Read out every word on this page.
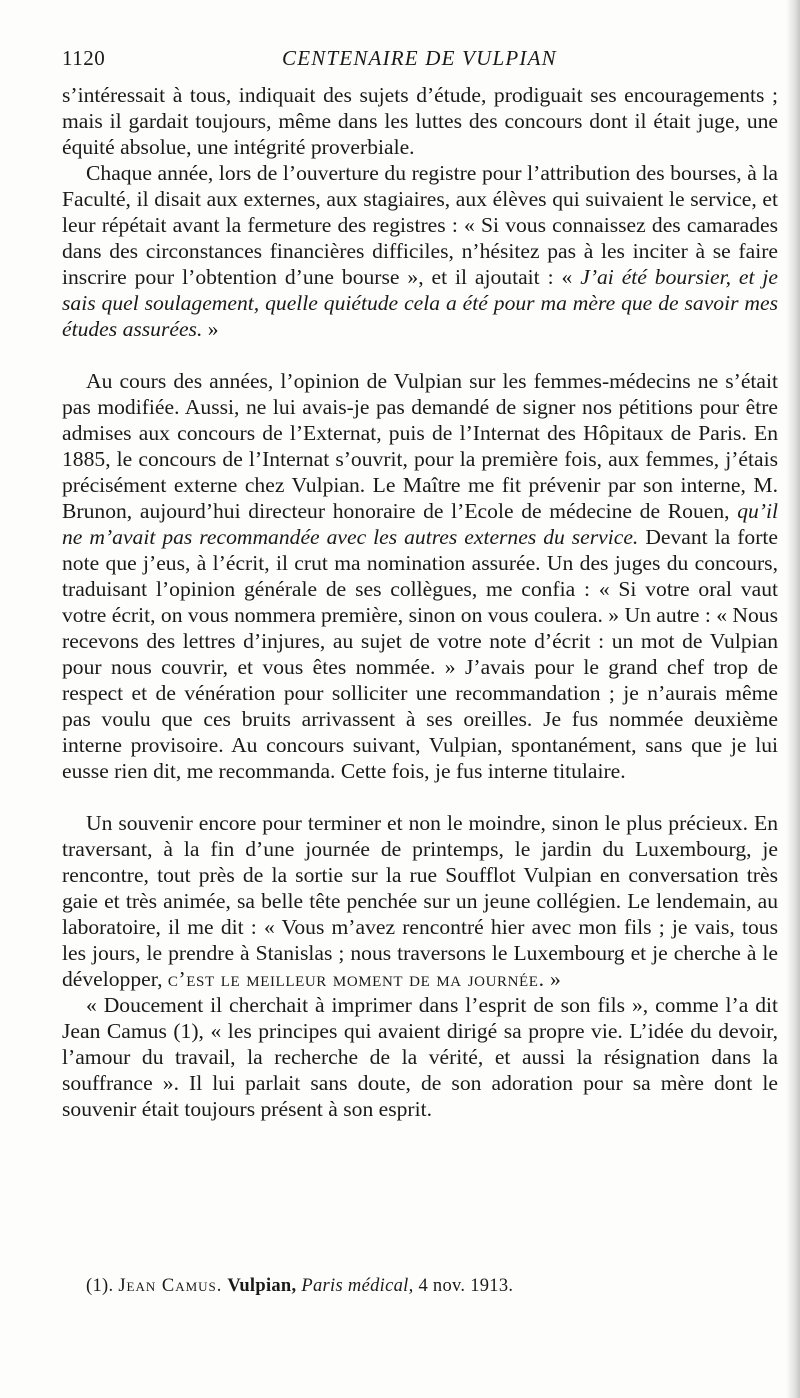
1120	CENTENAIRE DE VULPIAN

s’intéressait à tous, indiquait des sujets d’étude, prodiguait ses encouragements ; mais il gardait toujours, même dans les luttes des concours dont il était juge, une équité absolue, une intégrité proverbiale.

Chaque année, lors de l’ouverture du registre pour l’attribution des bourses, à la Faculté, il disait aux externes, aux stagiaires, aux élèves qui suivaient le service, et leur répétait avant la fermeture des registres : « Si vous connaissez des camarades dans des circonstances financières difficiles, n’hésitez pas à les inciter à se faire inscrire pour l’obtention d’une bourse », et il ajoutait : « J’ai été boursier, et je sais quel soulagement, quelle quiétude cela a été pour ma mère que de savoir mes études assurées. »

Au cours des années, l’opinion de Vulpian sur les femmes-médecins ne s’était pas modifiée. Aussi, ne lui avais-je pas demandé de signer nos pétitions pour être admises aux concours de l’Externat, puis de l’Internat des Hôpitaux de Paris. En 1885, le concours de l’Internat s’ouvrit, pour la première fois, aux femmes, j’étais précisément externe chez Vulpian. Le Maître me fit prévenir par son interne, M. Brunon, aujourd’hui directeur honoraire de l’Ecole de médecine de Rouen, qu’il ne m’avait pas recommandée avec les autres externes du service. Devant la forte note que j’eus, à l’écrit, il crut ma nomination assurée. Un des juges du concours, traduisant l’opinion générale de ses collègues, me confia : « Si votre oral vaut votre écrit, on vous nommera première, sinon on vous coulera. » Un autre : « Nous recevons des lettres d’injures, au sujet de votre note d’écrit : un mot de Vulpian pour nous couvrir, et vous êtes nommée. » J’avais pour le grand chef trop de respect et de vénération pour solliciter une recommandation ; je n’aurais même pas voulu que ces bruits arrivassent à ses oreilles. Je fus nommée deuxième interne provisoire. Au concours suivant, Vulpian, spontanément, sans que je lui eusse rien dit, me recommanda. Cette fois, je fus interne titulaire.

Un souvenir encore pour terminer et non le moindre, sinon le plus précieux. En traversant, à la fin d’une journée de printemps, le jardin du Luxembourg, je rencontre, tout près de la sortie sur la rue Soufflot Vulpian en conversation très gaie et très animée, sa belle tête penchée sur un jeune collégien. Le lendemain, au laboratoire, il me dit : « Vous m’avez rencontré hier avec mon fils ; je vais, tous les jours, le prendre à Stanislas ; nous traversons le Luxembourg et je cherche à le développer, c’est le meilleur moment de ma journée. »

« Doucement il cherchait à imprimer dans l’esprit de son fils », comme l’a dit Jean Camus (1), « les principes qui avaient dirigé sa propre vie. L’idée du devoir, l’amour du travail, la recherche de la vérité, et aussi la résignation dans la souffrance ». Il lui parlait sans doute, de son adoration pour sa mère dont le souvenir était toujours présent à son esprit.

(1). Jean Camus. Vulpian, Paris médical, 4 nov. 1913.
